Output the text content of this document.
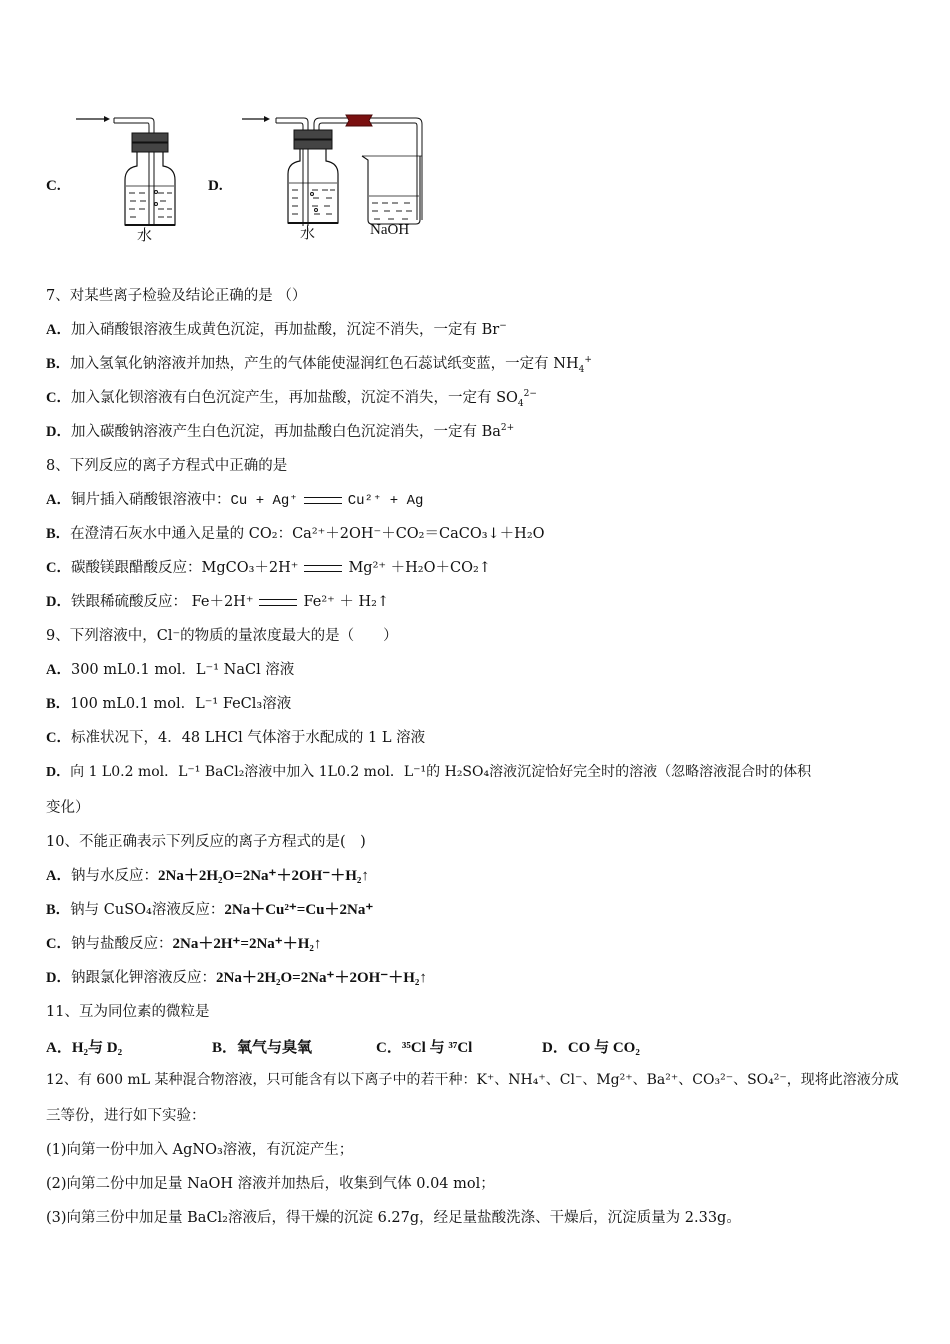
C.
水
D.
水	NaOH
7、对某些离子检验及结论正确的是 （）
A．加入硝酸银溶液生成黄色沉淀，再加盐酸，沉淀不消失，一定有 Br−
B．加入氢氧化钠溶液并加热，产生的气体能使湿润红色石蕊试纸变蓝，一定有 $NH_4^+$
C．加入氯化钡溶液有白色沉淀产生，再加盐酸，沉淀不消失，一定有 $SO_4^{2-}$
D．加入碳酸钠溶液产生白色沉淀，再加盐酸白色沉淀消失，一定有 $Ba^{2+}$
8、下列反应的离子方程式中正确的是
A．铜片插入硝酸银溶液中：Cu + Ag⁺	Cu²⁺ + Ag
B．在澄清石灰水中通入足量的 CO₂：Ca²⁺＋2OH⁻＋CO₂＝CaCO₃↓＋H₂O
C．碳酸镁跟醋酸反应：MgCO₃＋2H⁺	Mg²⁺ ＋H₂O＋CO₂↑
D．铁跟稀硫酸反应： Fe＋2H⁺	Fe²⁺ ＋ H₂↑
9、下列溶液中，Cl⁻的物质的量浓度最大的是（　　）
A．300 mL0.1 mol．L⁻¹ NaCl 溶液
B．100 mL0.1 mol．L⁻¹ FeCl₃溶液
C．标准状况下，4．48 LHCl 气体溶于水配成的 1 L 溶液
D．向 1 L0.2 mol．L⁻¹ BaCl₂溶液中加入 1L0.2 mol．L⁻¹的 H₂SO₄溶液沉淀恰好完全时的溶液（忽略溶液混合时的体积
变化）
10、不能正确表示下列反应的离子方程式的是(　)
A．钠与水反应：2Na＋2H₂O=2Na⁺＋2OH⁻＋H₂↑
B．钠与 CuSO₄溶液反应：2Na＋Cu²⁺=Cu＋2Na⁺
C．钠与盐酸反应：2Na＋2H⁺=2Na⁺＋H₂↑
D．钠跟氯化钾溶液反应：2Na＋2H₂O=2Na⁺＋2OH⁻＋H₂↑
11、互为同位素的微粒是
A．H₂与 D₂	B．氧气与臭氧	C．³⁵Cl 与 ³⁷Cl	D．CO 与 CO₂
12、有 600 mL 某种混合物溶液，只可能含有以下离子中的若干种：K⁺、NH₄⁺、Cl⁻、Mg²⁺、Ba²⁺、CO₃²⁻、SO₄²⁻，现将此溶液分成
三等份，进行如下实验：
(1)向第一份中加入 AgNO₃溶液，有沉淀产生；
(2)向第二份中加足量 NaOH 溶液并加热后，收集到气体 0.04 mol；
(3)向第三份中加足量 BaCl₂溶液后，得干燥的沉淀 6.27g，经足量盐酸洗涤、干燥后，沉淀质量为 2.33g。
